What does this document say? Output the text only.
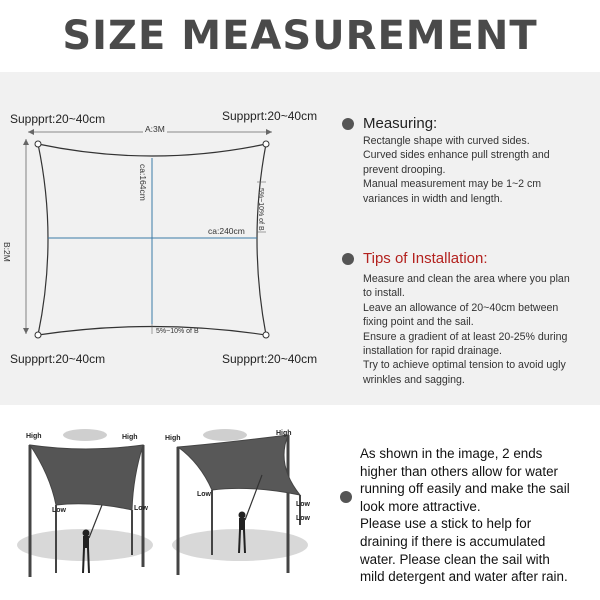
SIZE MEASUREMENT
Suppprt:20~40cm	Suppprt:20~40cm
Suppprt:20~40cm	Suppprt:20~40cm
A:3M
B:2M
ca:164cm
ca:240cm
5%~10% of B
5%~10% of B
Measuring:
Rectangle shape with curved sides.
Curved sides enhance pull strength and
prevent drooping.
Manual measurement may be 1~2 cm
variances in width and length.
Tips of Installation:
Measure and clean the area where you plan
to install.
Leave an allowance of 20~40cm between
fixing point and the sail.
Ensure a gradient of at least 20-25% during
installation for rapid drainage.
Try to achieve optimal tension to avoid ugly
wrinkles and sagging.
High	High
Low	Low
High
High
Low
Low
Low
As shown in the image, 2 ends
higher than others allow for water
running off easily and make the sail
look more attractive.
Please use a stick to help for
draining if there is accumulated
water. Please clean the sail with
mild detergent and water after rain.
